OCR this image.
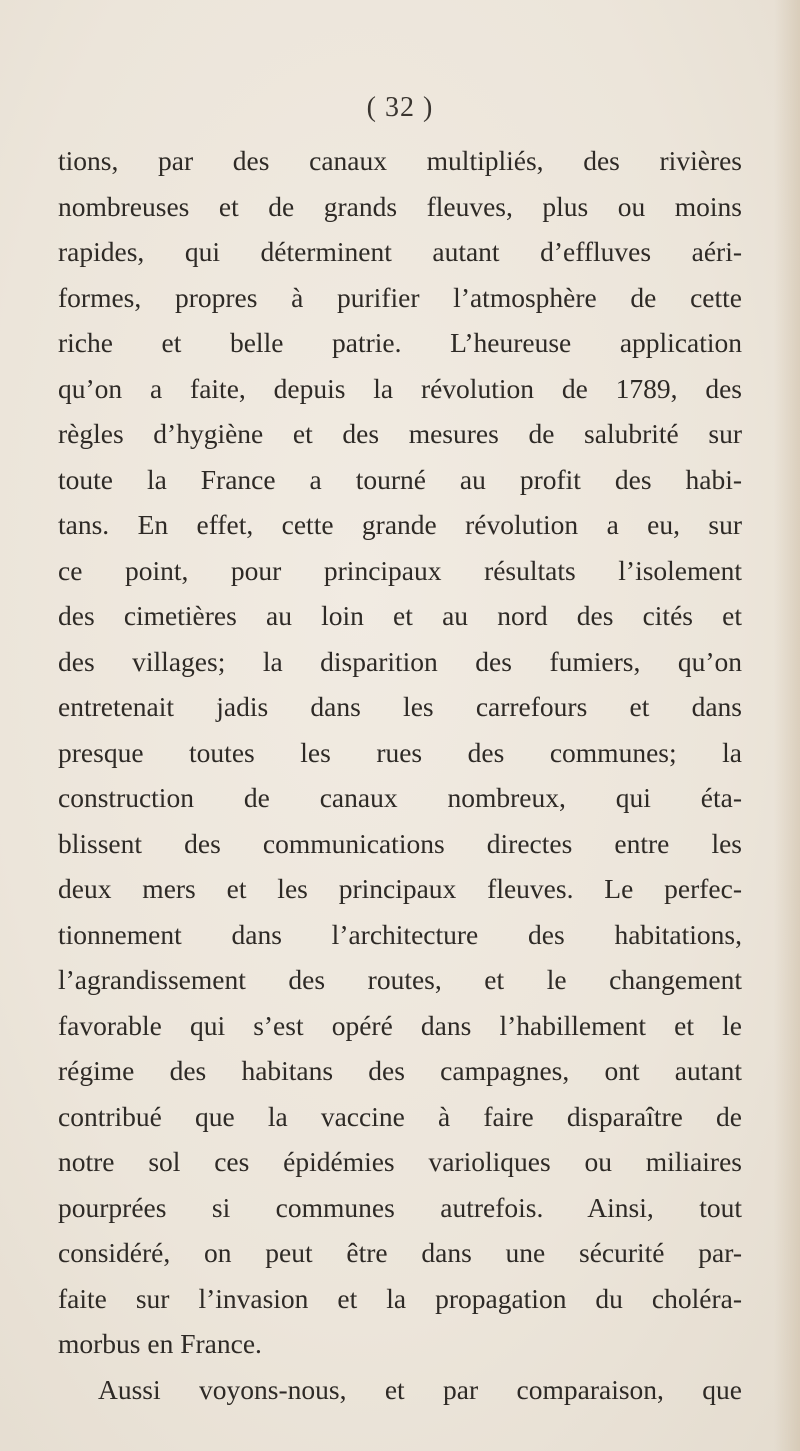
( 32 )
tions, par des canaux multipliés, des rivières
nombreuses et de grands fleuves, plus ou moins
rapides, qui déterminent autant d’effluves aéri-
formes, propres à purifier l’atmosphère de cette
riche et belle patrie. L’heureuse application
qu’on a faite, depuis la révolution de 1789, des
règles d’hygiène et des mesures de salubrité sur
toute la France a tourné au profit des habi-
tans. En effet, cette grande révolution a eu, sur
ce point, pour principaux résultats l’isolement
des cimetières au loin et au nord des cités et
des villages; la disparition des fumiers, qu’on
entretenait jadis dans les carrefours et dans
presque toutes les rues des communes; la
construction de canaux nombreux, qui éta-
blissent des communications directes entre les
deux mers et les principaux fleuves. Le perfec-
tionnement dans l’architecture des habitations,
l’agrandissement des routes, et le changement
favorable qui s’est opéré dans l’habillement et le
régime des habitans des campagnes, ont autant
contribué que la vaccine à faire disparaître de
notre sol ces épidémies varioliques ou miliaires
pourprées si communes autrefois. Ainsi, tout
considéré, on peut être dans une sécurité par-
faite sur l’invasion et la propagation du choléra-
morbus en France.
Aussi voyons-nous, et par comparaison, que
